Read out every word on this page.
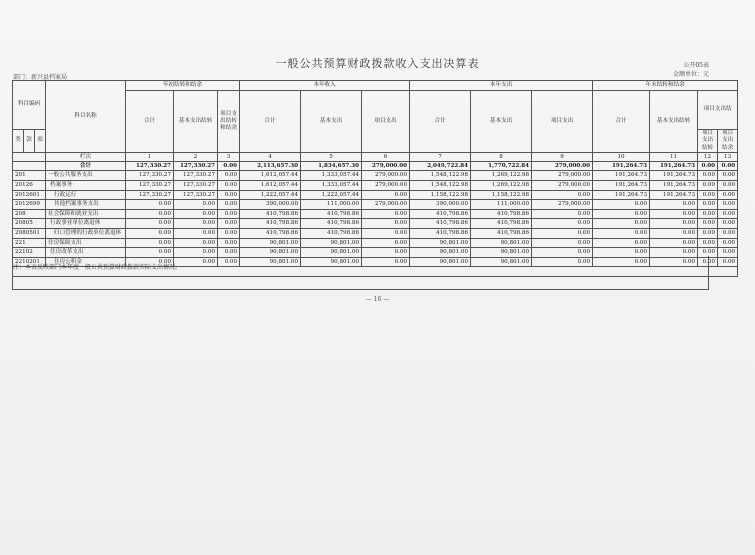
一般公共预算财政拨款收入支出决算表	公开05表
金额单位：元
部门：新兴县档案局
科目编码			科目名称	年初结转和结余			本年收入			本年支出			年末结转和结余			
				合计	基本支出结转	项目支出结转和结余	合计	基本支出	项目支出	合计	基本支出	项目支出	合计	基本支出结转	项目支出结	
类	款	项													项目支出结转	项目支出结余
			栏次	1	2	3	4	5	6	7	8	9	10	11	12	13
			合计	127,330.27	127,330.27	0.00	2,113,657.30	1,834,657.30	279,000.00	2,049,722.84	1,770,722.84	279,000.00	191,264.73	191,264.73	0.00	0.00
201			一般公共服务支出	127,330.27	127,330.27	0.00	1,612,057.44	1,333,057.44	279,000.00	1,548,122.98	1,269,122.98	279,000.00	191,264.73	191,264.73	0.00	0.00
20126			档案事务	127,330.27	127,330.27	0.00	1,612,057.44	1,333,057.44	279,000.00	1,548,122.98	1,269,122.98	279,000.00	191,264.73	191,264.73	0.00	0.00
2012601			行政运行	127,330.27	127,330.27	0.00	1,222,057.44	1,222,057.44	0.00	1,158,122.98	1,158,122.98	0.00	191,264.73	191,264.73	0.00	0.00
2012699			其他档案事务支出	0.00	0.00	0.00	390,000.00	111,000.00	279,000.00	390,000.00	111,000.00	279,000.00	0.00	0.00	0.00	0.00
208			社会保障和就业支出	0.00	0.00	0.00	410,798.86	410,798.86	0.00	410,798.86	410,798.86	0.00	0.00	0.00	0.00	0.00
20805			行政事业单位离退休	0.00	0.00	0.00	410,798.86	410,798.86	0.00	410,798.86	410,798.86	0.00	0.00	0.00	0.00	0.00
2080501			归口管理的行政单位离退休	0.00	0.00	0.00	410,798.86	410,798.86	0.00	410,798.86	410,798.86	0.00	0.00	0.00	0.00	0.00
221			住房保障支出	0.00	0.00	0.00	90,801.00	90,801.00	0.00	90,801.00	90,801.00	0.00	0.00	0.00	0.00	0.00
22102			住房改革支出	0.00	0.00	0.00	90,801.00	90,801.00	0.00	90,801.00	90,801.00	0.00	0.00	0.00	0.00	0.00
2210201			住房公积金	0.00	0.00	0.00	90,801.00	90,801.00	0.00	90,801.00	90,801.00	0.00	0.00	0.00	0.00	0.00

注：本表反映部门本年度一般公共预算财政拨款实际支出情况。
— 16 —
